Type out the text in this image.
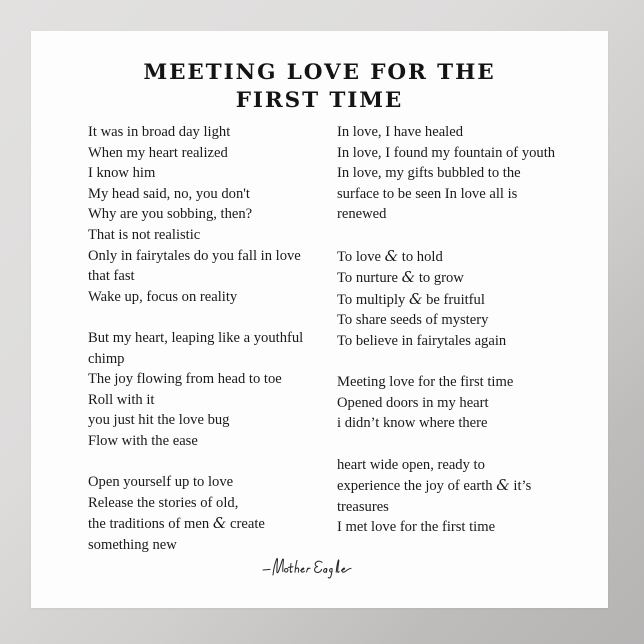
MEETING LOVE FOR THE
FIRST TIME

It was in broad day light
When my heart realized
I know him
My head said, no, you don't
Why are you sobbing, then?
That is not realistic
Only in fairytales do you fall in love that fast
Wake up, focus on reality

But my heart, leaping like a youthful chimp
The joy flowing from head to toe
Roll with it
you just hit the love bug
Flow with the ease

Open yourself up to love
Release the stories of old,
the traditions of men & create something new

In love, I have healed
In love, I found my fountain of youth
In love, my gifts bubbled to the surface to be seen In love all is renewed

To love & to hold
To nurture & to grow
To multiply & be fruitful
To share seeds of mystery
To believe in fairytales again

Meeting love for the first time
Opened doors in my heart
i didn’t know where there

heart wide open, ready to
experience the joy of earth & it’s treasures
I met love for the first time
